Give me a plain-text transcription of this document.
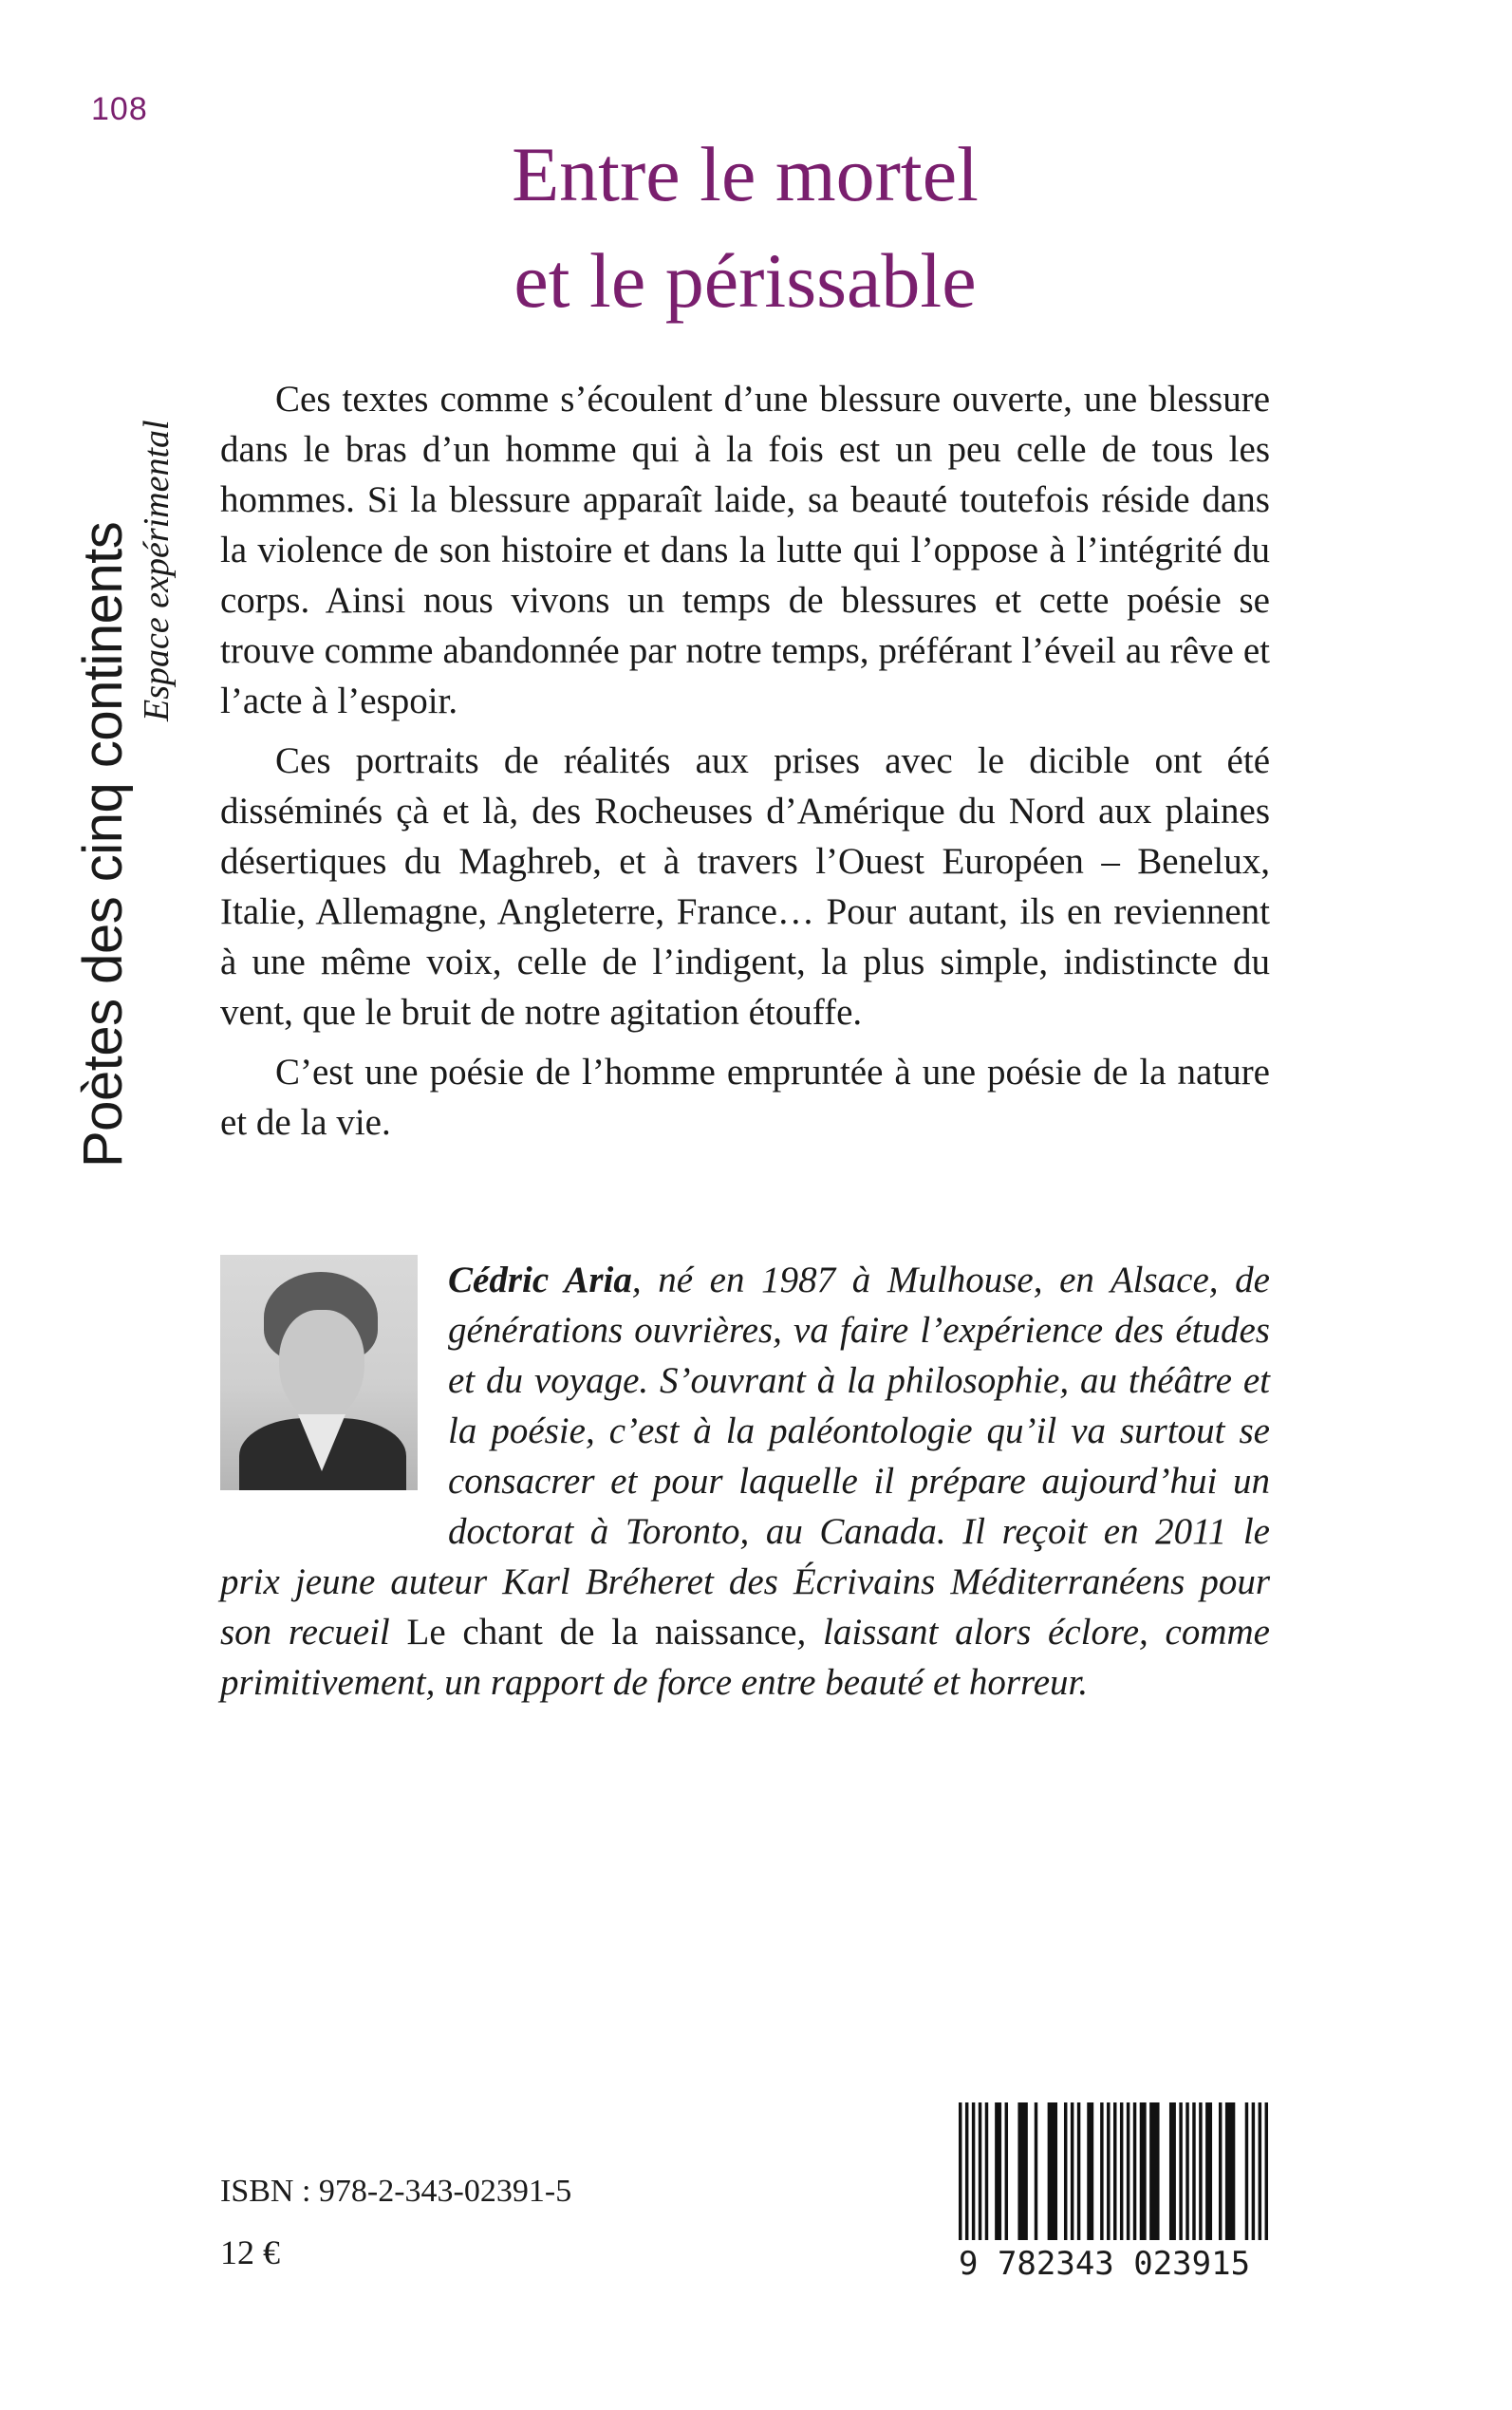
108
Poètes des cinq continents Espace expérimental
Entre le mortel
et le périssable

Ces textes comme s’écoulent d’une blessure ouverte, une blessure dans le bras d’un homme qui à la fois est un peu celle de tous les hommes. Si la blessure apparaît laide, sa beauté toutefois réside dans la violence de son histoire et dans la lutte qui l’oppose à l’intégrité du corps. Ainsi nous vivons un temps de blessures et cette poésie se trouve comme abandonnée par notre temps, préférant l’éveil au rêve et l’acte à l’espoir.

Ces portraits de réalités aux prises avec le dicible ont été disséminés çà et là, des Rocheuses d’Amérique du Nord aux plaines désertiques du Maghreb, et à travers l’Ouest Européen – Benelux, Italie, Allemagne, Angleterre, France… Pour autant, ils en reviennent à une même voix, celle de l’indigent, la plus simple, indistincte du vent, que le bruit de notre agitation étouffe.

C’est une poésie de l’homme empruntée à une poésie de la nature et de la vie.

Cédric Aria, né en 1987 à Mulhouse, en Alsace, de générations ouvrières, va faire l’expérience des études et du voyage. S’ouvrant à la philosophie, au théâtre et la poésie, c’est à la paléontologie qu’il va surtout se consacrer et pour laquelle il prépare aujourd’hui un doctorat à Toronto, au Canada. Il reçoit en 2011 le prix jeune auteur Karl Bréheret des Écrivains Méditerranéens pour son recueil Le chant de la naissance, laissant alors éclore, comme primitivement, un rapport de force entre beauté et horreur.
ISBN : 978-2-343-02391-5
12 €	9 782343 023915
